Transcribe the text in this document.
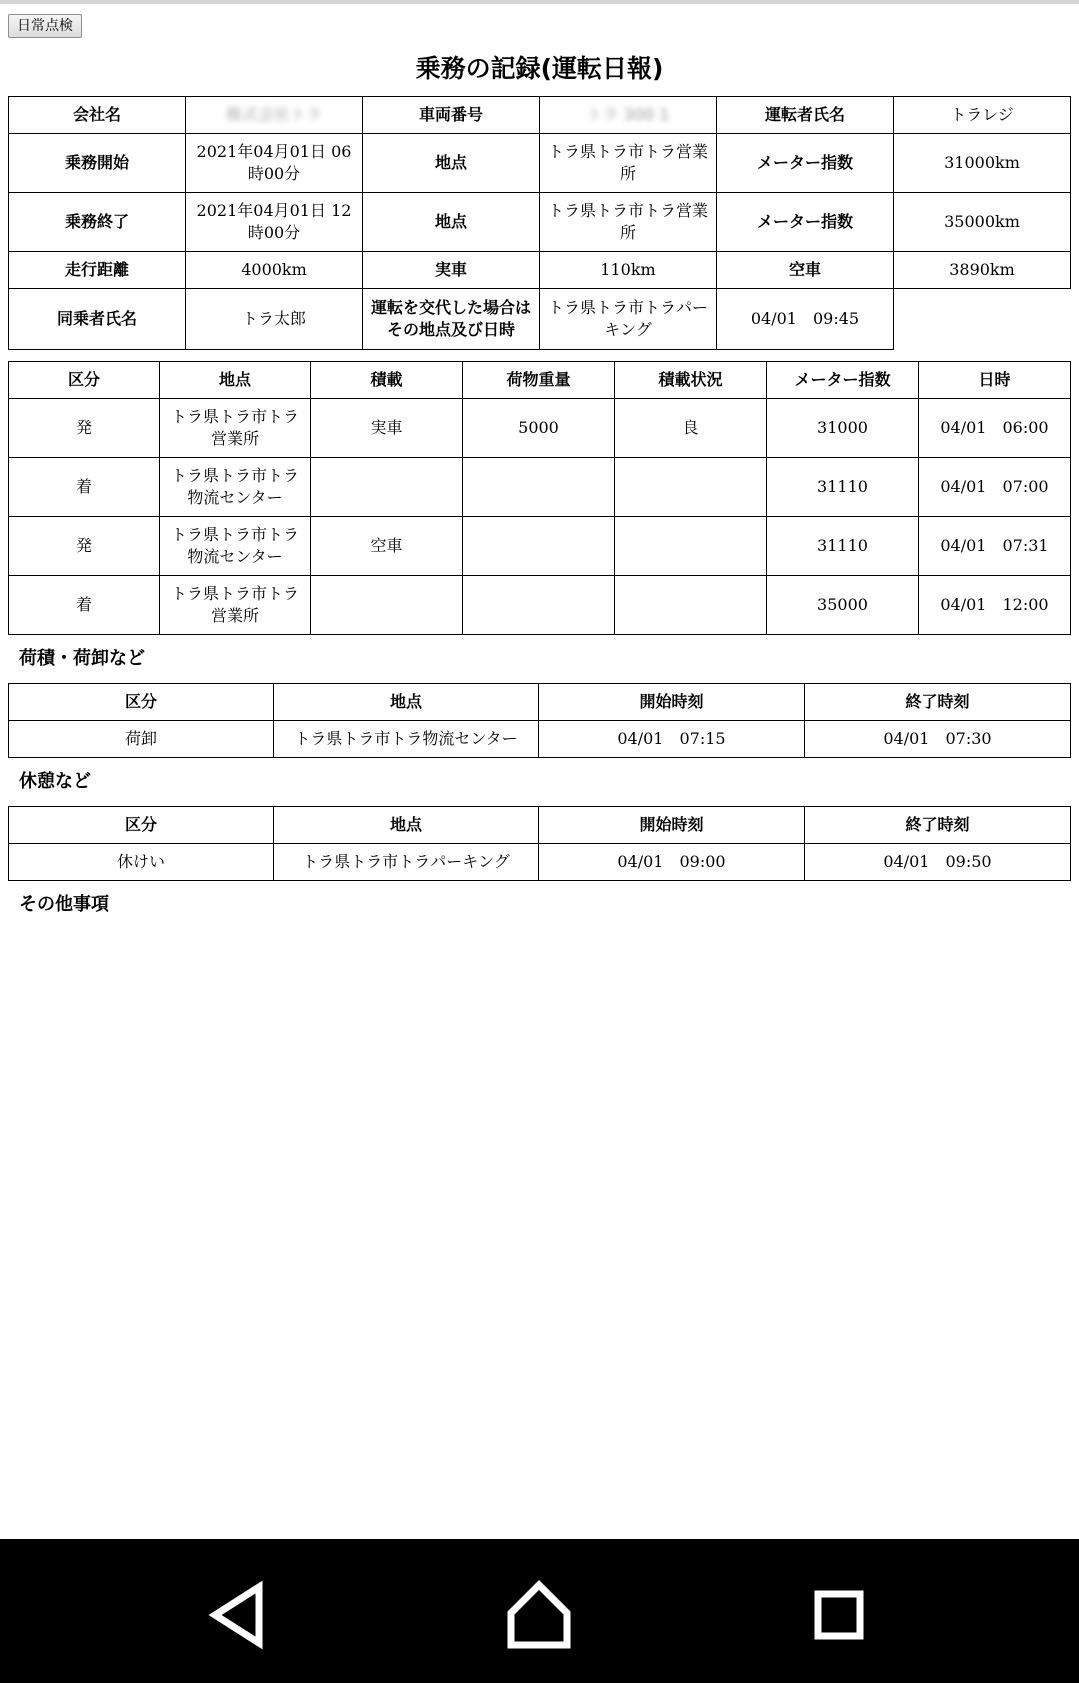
日常点検
乗務の記録(運転日報)
会社名	株式会社トラ	車両番号	トラ 300 1	運転者氏名	トラレジ
乗務開始	2021年04月01日 06時00分	地点	トラ県トラ市トラ営業所	メーター指数	31000km
乗務終了	2021年04月01日 12時00分	地点	トラ県トラ市トラ営業所	メーター指数	35000km
走行距離	4000km	実車	110km	空車	3890km
同乗者氏名	トラ太郎	運転を交代した場合はその地点及び日時	トラ県トラ市トラパーキング	04/01　09:45	
区分	地点	積載	荷物重量	積載状況	メーター指数	日時
発	トラ県トラ市トラ営業所	実車	5000	良	31000	04/01　06:00
着	トラ県トラ市トラ物流センター				31110	04/01　07:00
発	トラ県トラ市トラ物流センター	空車			31110	04/01　07:31
着	トラ県トラ市トラ営業所				35000	04/01　12:00
荷積・荷卸など
区分	地点	開始時刻	終了時刻
荷卸	トラ県トラ市トラ物流センター	04/01　07:15	04/01　07:30
休憩など
区分	地点	開始時刻	終了時刻
休けい	トラ県トラ市トラパーキング	04/01　09:00	04/01　09:50
その他事項
